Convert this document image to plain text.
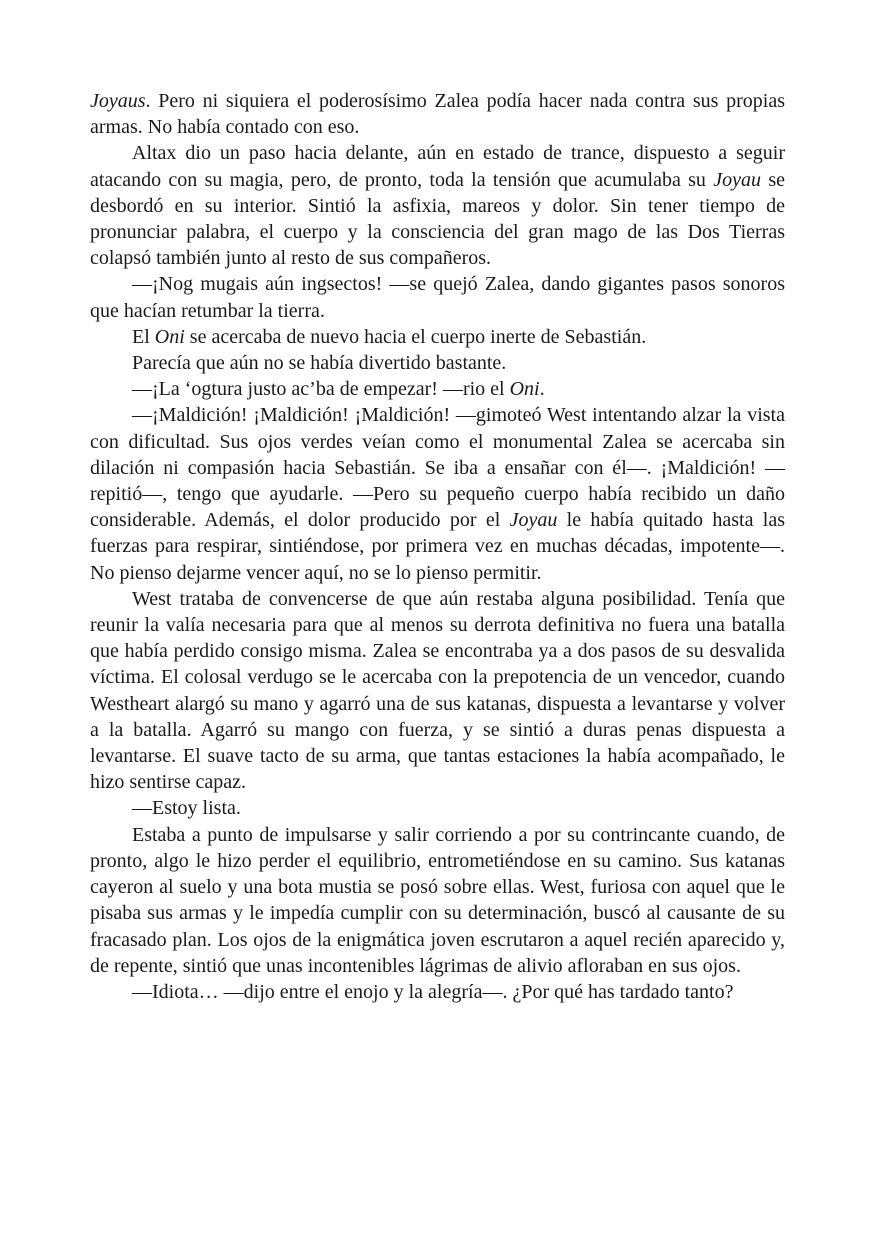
Joyaus. Pero ni siquiera el poderosísimo Zalea podía hacer nada contra sus propias armas. No había contado con eso.

Altax dio un paso hacia delante, aún en estado de trance, dispuesto a seguir atacando con su magia, pero, de pronto, toda la tensión que acumulaba su Joyau se desbordó en su interior. Sintió la asfixia, mareos y dolor. Sin tener tiempo de pronunciar palabra, el cuerpo y la consciencia del gran mago de las Dos Tierras colapsó también junto al resto de sus compañeros.

—¡Nog mugais aún ingsectos! —se quejó Zalea, dando gigantes pasos sonoros que hacían retumbar la tierra.

El Oni se acercaba de nuevo hacia el cuerpo inerte de Sebastián.

Parecía que aún no se había divertido bastante.

—¡La ‘ogtura justo ac’ba de empezar! —rio el Oni.

—¡Maldición! ¡Maldición! ¡Maldición! —gimoteó West intentando alzar la vista con dificultad. Sus ojos verdes veían como el monumental Zalea se acercaba sin dilación ni compasión hacia Sebastián. Se iba a ensañar con él—. ¡Maldición! —repitió—, tengo que ayudarle. —Pero su pequeño cuerpo había recibido un daño considerable. Además, el dolor producido por el Joyau le había quitado hasta las fuerzas para respirar, sintiéndose, por primera vez en muchas décadas, impotente—. No pienso dejarme vencer aquí, no se lo pienso permitir.

West trataba de convencerse de que aún restaba alguna posibilidad. Tenía que reunir la valía necesaria para que al menos su derrota definitiva no fuera una batalla que había perdido consigo misma. Zalea se encontraba ya a dos pasos de su desvalida víctima. El colosal verdugo se le acercaba con la prepotencia de un vencedor, cuando Westheart alargó su mano y agarró una de sus katanas, dispuesta a levantarse y volver a la batalla. Agarró su mango con fuerza, y se sintió a duras penas dispuesta a levantarse. El suave tacto de su arma, que tantas estaciones la había acompañado, le hizo sentirse capaz.

—Estoy lista.

Estaba a punto de impulsarse y salir corriendo a por su contrincante cuando, de pronto, algo le hizo perder el equilibrio, entrometiéndose en su camino. Sus katanas cayeron al suelo y una bota mustia se posó sobre ellas. West, furiosa con aquel que le pisaba sus armas y le impedía cumplir con su determinación, buscó al causante de su fracasado plan. Los ojos de la enigmática joven escrutaron a aquel recién aparecido y, de repente, sintió que unas incontenibles lágrimas de alivio afloraban en sus ojos.

—Idiota… —dijo entre el enojo y la alegría—. ¿Por qué has tardado tanto?
